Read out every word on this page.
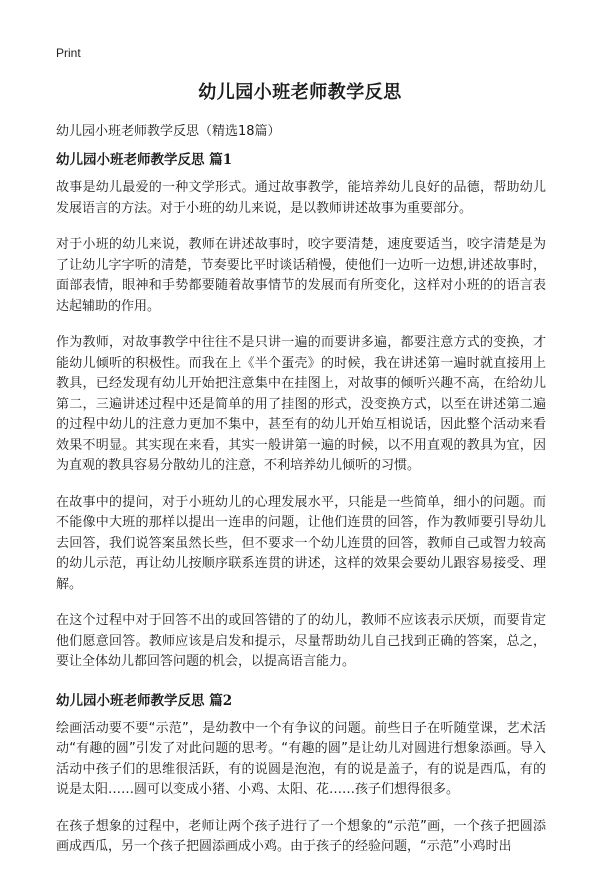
Print
幼儿园小班老师教学反思

幼儿园小班老师教学反思（精选18篇）

幼儿园小班老师教学反思 篇1

故事是幼儿最爱的一种文学形式。通过故事教学，能培养幼儿良好的品德，帮助幼儿发展语言的方法。对于小班的幼儿来说，是以教师讲述故事为重要部分。

对于小班的幼儿来说，教师在讲述故事时，咬字要清楚，速度要适当，咬字清楚是为了让幼儿字字听的清楚，节奏要比平时谈话稍慢，使他们一边听一边想,讲述故事时，面部表情，眼神和手势都要随着故事情节的发展而有所变化，这样对小班的的语言表达起辅助的作用。

作为教师，对故事教学中往往不是只讲一遍的而要讲多遍，都要注意方式的变换，才能幼儿倾听的积极性。而我在上《半个蛋壳》的时候，我在讲述第一遍时就直接用上教具，已经发现有幼儿开始把注意集中在挂图上，对故事的倾听兴趣不高，在给幼儿第二，三遍讲述过程中还是简单的用了挂图的形式，没变换方式，以至在讲述第二遍的过程中幼儿的注意力更加不集中，甚至有的幼儿开始互相说话，因此整个活动来看效果不明显。其实现在来看，其实一般讲第一遍的时候，以不用直观的教具为宜，因为直观的教具容易分散幼儿的注意，不利培养幼儿倾听的习惯。

在故事中的提问，对于小班幼儿的心理发展水平，只能是一些简单，细小的问题。而不能像中大班的那样以提出一连串的问题，让他们连贯的回答，作为教师要引导幼儿去回答，我们说答案虽然长些，但不要求一个幼儿连贯的回答，教师自己或智力较高的幼儿示范，再让幼儿按顺序联系连贯的讲述，这样的效果会要幼儿跟容易接受、理解。

在这个过程中对于回答不出的或回答错的了的幼儿，教师不应该表示厌烦，而要肯定他们愿意回答。教师应该是启发和提示，尽量帮助幼儿自己找到正确的答案，总之，要让全体幼儿都回答问题的机会，以提高语言能力。

幼儿园小班老师教学反思 篇2

绘画活动要不要“示范”，是幼教中一个有争议的问题。前些日子在听随堂课，艺术活动“有趣的圆”引发了对此问题的思考。“有趣的圆”是让幼儿对圆进行想象添画。导入活动中孩子们的思维很活跃，有的说圆是泡泡，有的说是盖子，有的说是西瓜，有的说是太阳……圆可以变成小猪、小鸡、太阳、花……孩子们想得很多。

在孩子想象的过程中，老师让两个孩子进行了一个想象的“示范”画，一个孩子把圆添画成西瓜，另一个孩子把圆添画成小鸡。由于孩子的经验问题，“示范”小鸡时出
